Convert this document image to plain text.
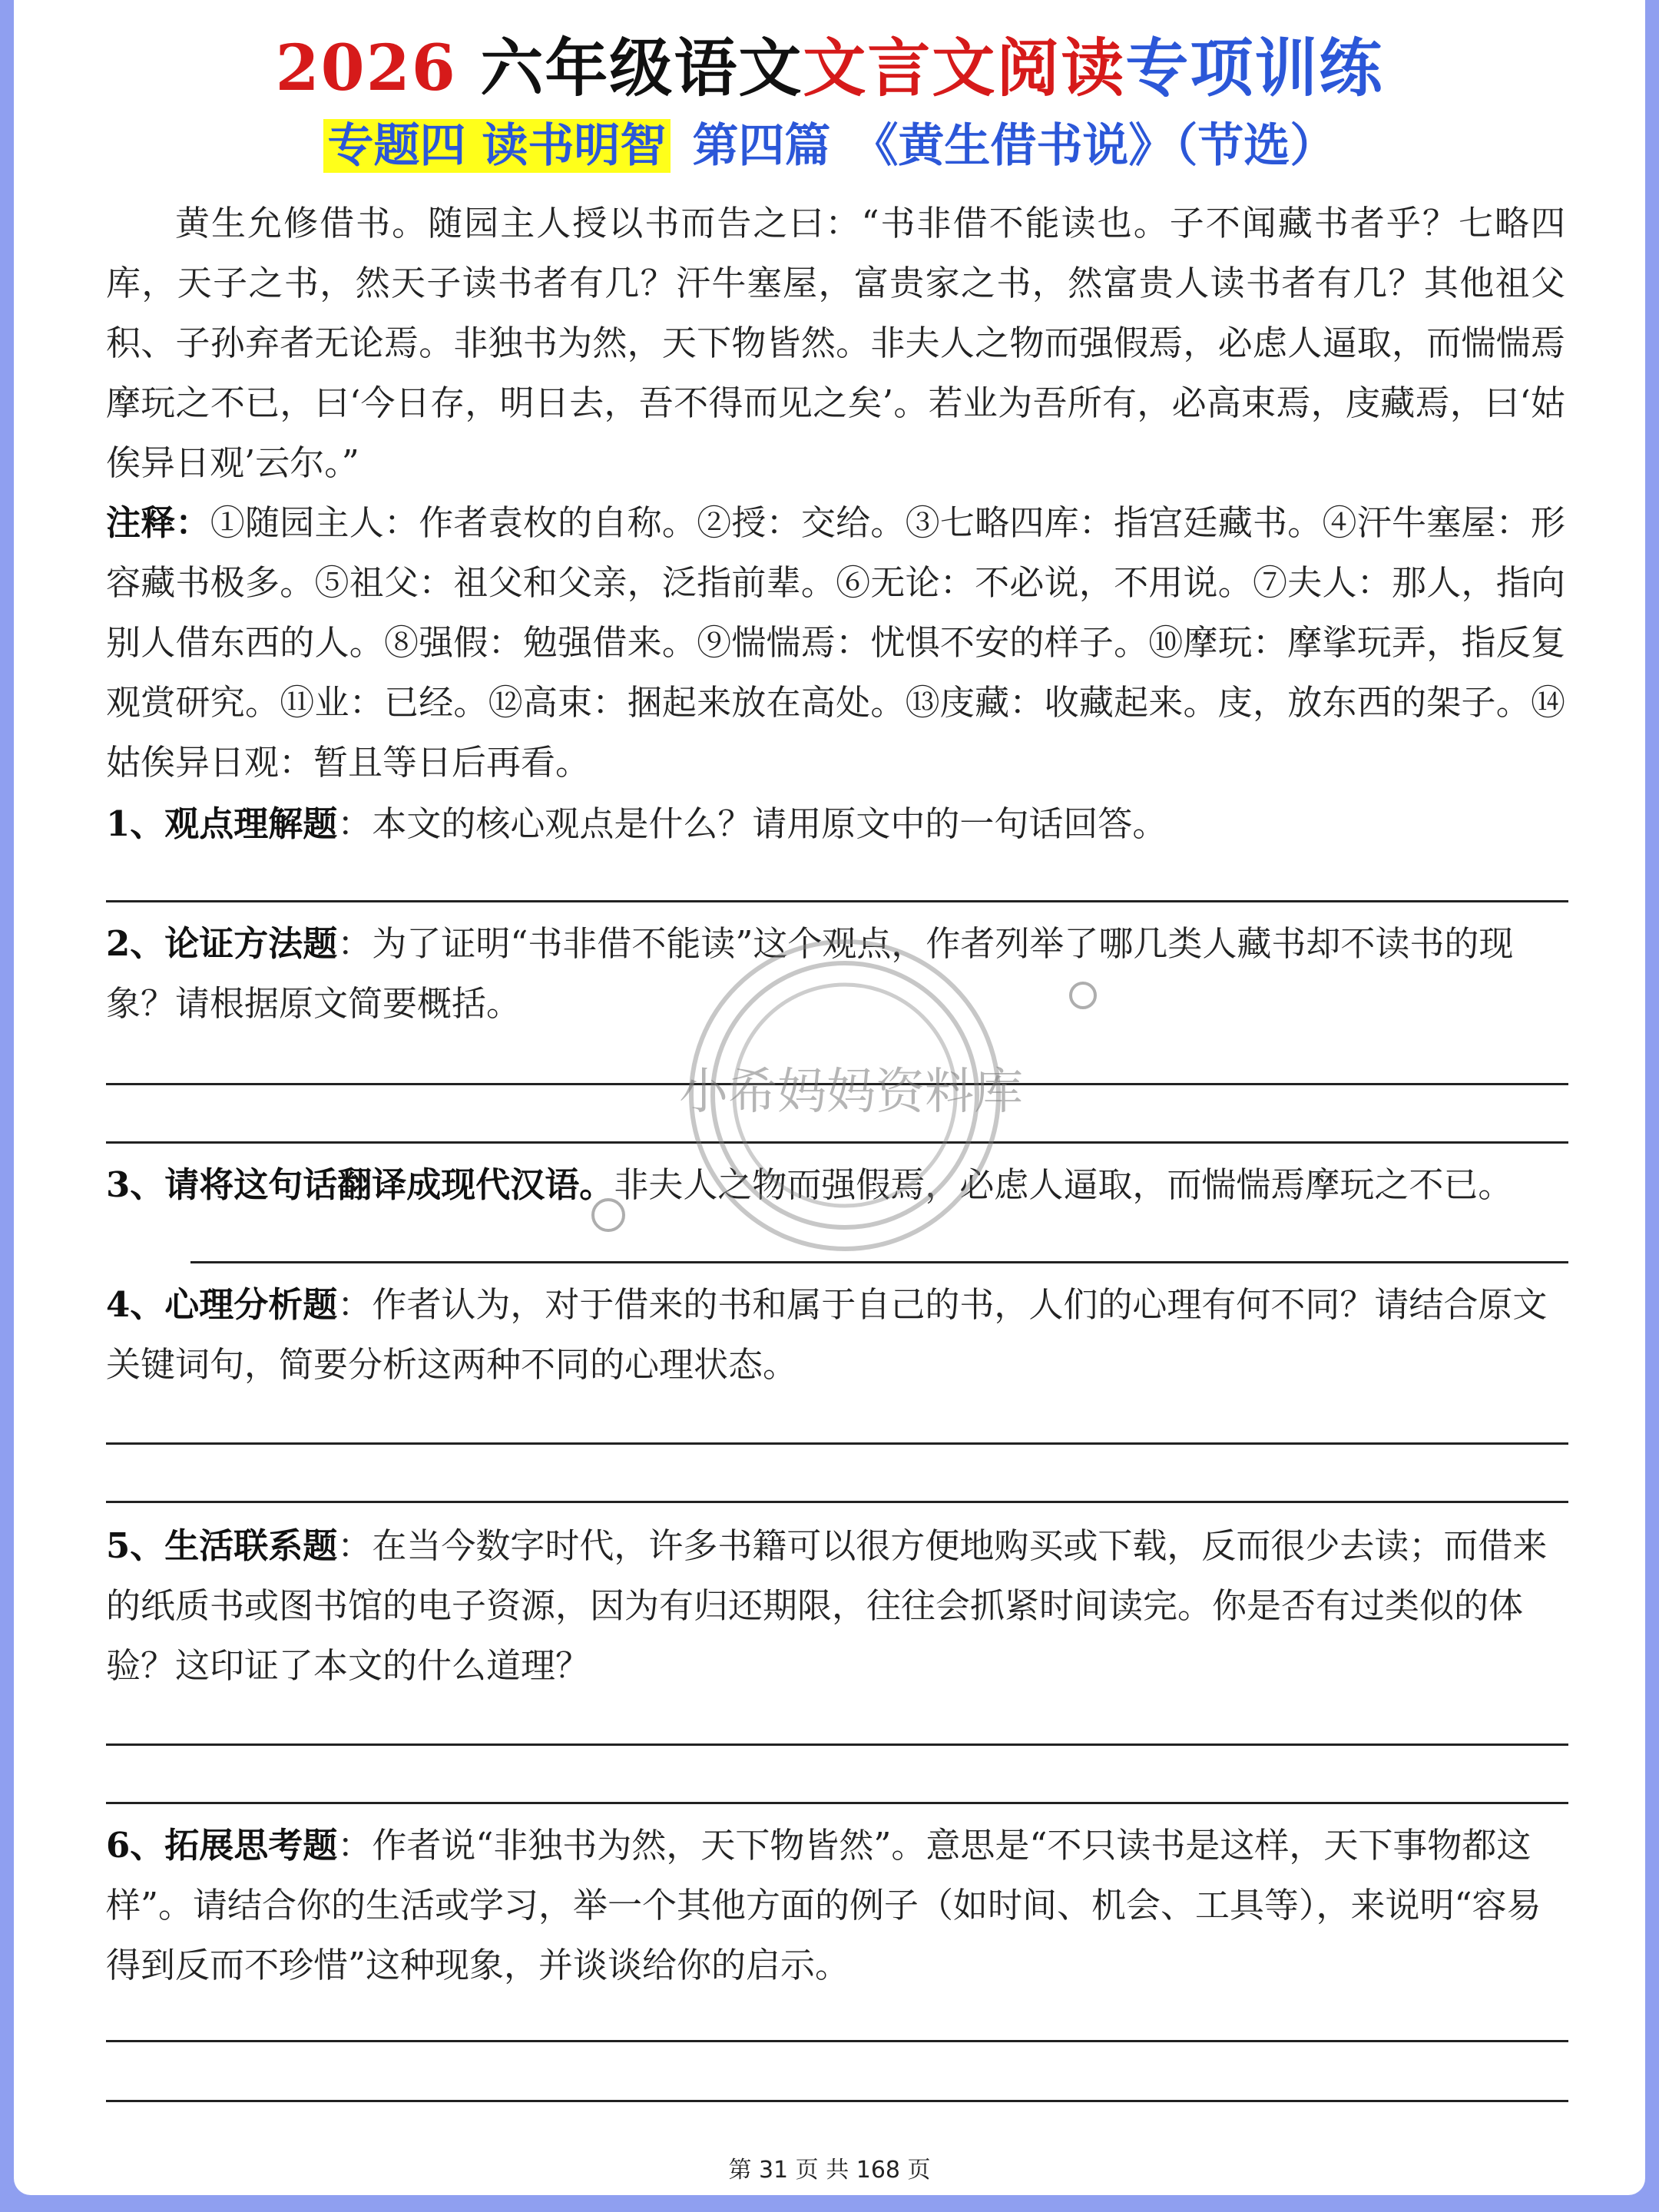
2026 六年级语文文言文阅读专项训练
专题四 读书明智 第四篇 《黄生借书说》（节选）
黄生允修借书。随园主人授以书而告之曰：“书非借不能读也。子不闻藏书者乎？七略四库，天子之书，然天子读书者有几？汗牛塞屋，富贵家之书，然富贵人读书者有几？其他祖父积、子孙弃者无论焉。非独书为然，天下物皆然。非夫人之物而强假焉，必虑人逼取，而惴惴焉摩玩之不已，曰‘今日存，明日去，吾不得而见之矣’。若业为吾所有，必高束焉，庋藏焉，曰‘姑俟异日观’云尔。”
注释：①随园主人：作者袁枚的自称。②授：交给。③七略四库：指宫廷藏书。④汗牛塞屋：形容藏书极多。⑤祖父：祖父和父亲，泛指前辈。⑥无论：不必说，不用说。⑦夫人：那人，指向别人借东西的人。⑧强假：勉强借来。⑨惴惴焉：忧惧不安的样子。⑩摩玩：摩挲玩弄，指反复观赏研究。⑪业：已经。⑫高束：捆起来放在高处。⑬庋藏：收藏起来。庋，放东西的架子。⑭姑俟异日观：暂且等日后再看。
1、观点理解题：本文的核心观点是什么？请用原文中的一句话回答。
2、论证方法题：为了证明“书非借不能读”这个观点，作者列举了哪几类人藏书却不读书的现象？请根据原文简要概括。
3、请将这句话翻译成现代汉语。非夫人之物而强假焉，必虑人逼取，而惴惴焉摩玩之不已。
4、心理分析题：作者认为，对于借来的书和属于自己的书，人们的心理有何不同？请结合原文关键词句，简要分析这两种不同的心理状态。
5、生活联系题：在当今数字时代，许多书籍可以很方便地购买或下载，反而很少去读；而借来的纸质书或图书馆的电子资源，因为有归还期限，往往会抓紧时间读完。你是否有过类似的体验？这印证了本文的什么道理？
6、拓展思考题：作者说“非独书为然，天下物皆然”。意思是“不只读书是这样，天下事物都这样”。请结合你的生活或学习，举一个其他方面的例子（如时间、机会、工具等），来说明“容易得到反而不珍惜”这种现象，并谈谈给你的启示。
小希妈妈资料库
第 31 页 共 168 页
